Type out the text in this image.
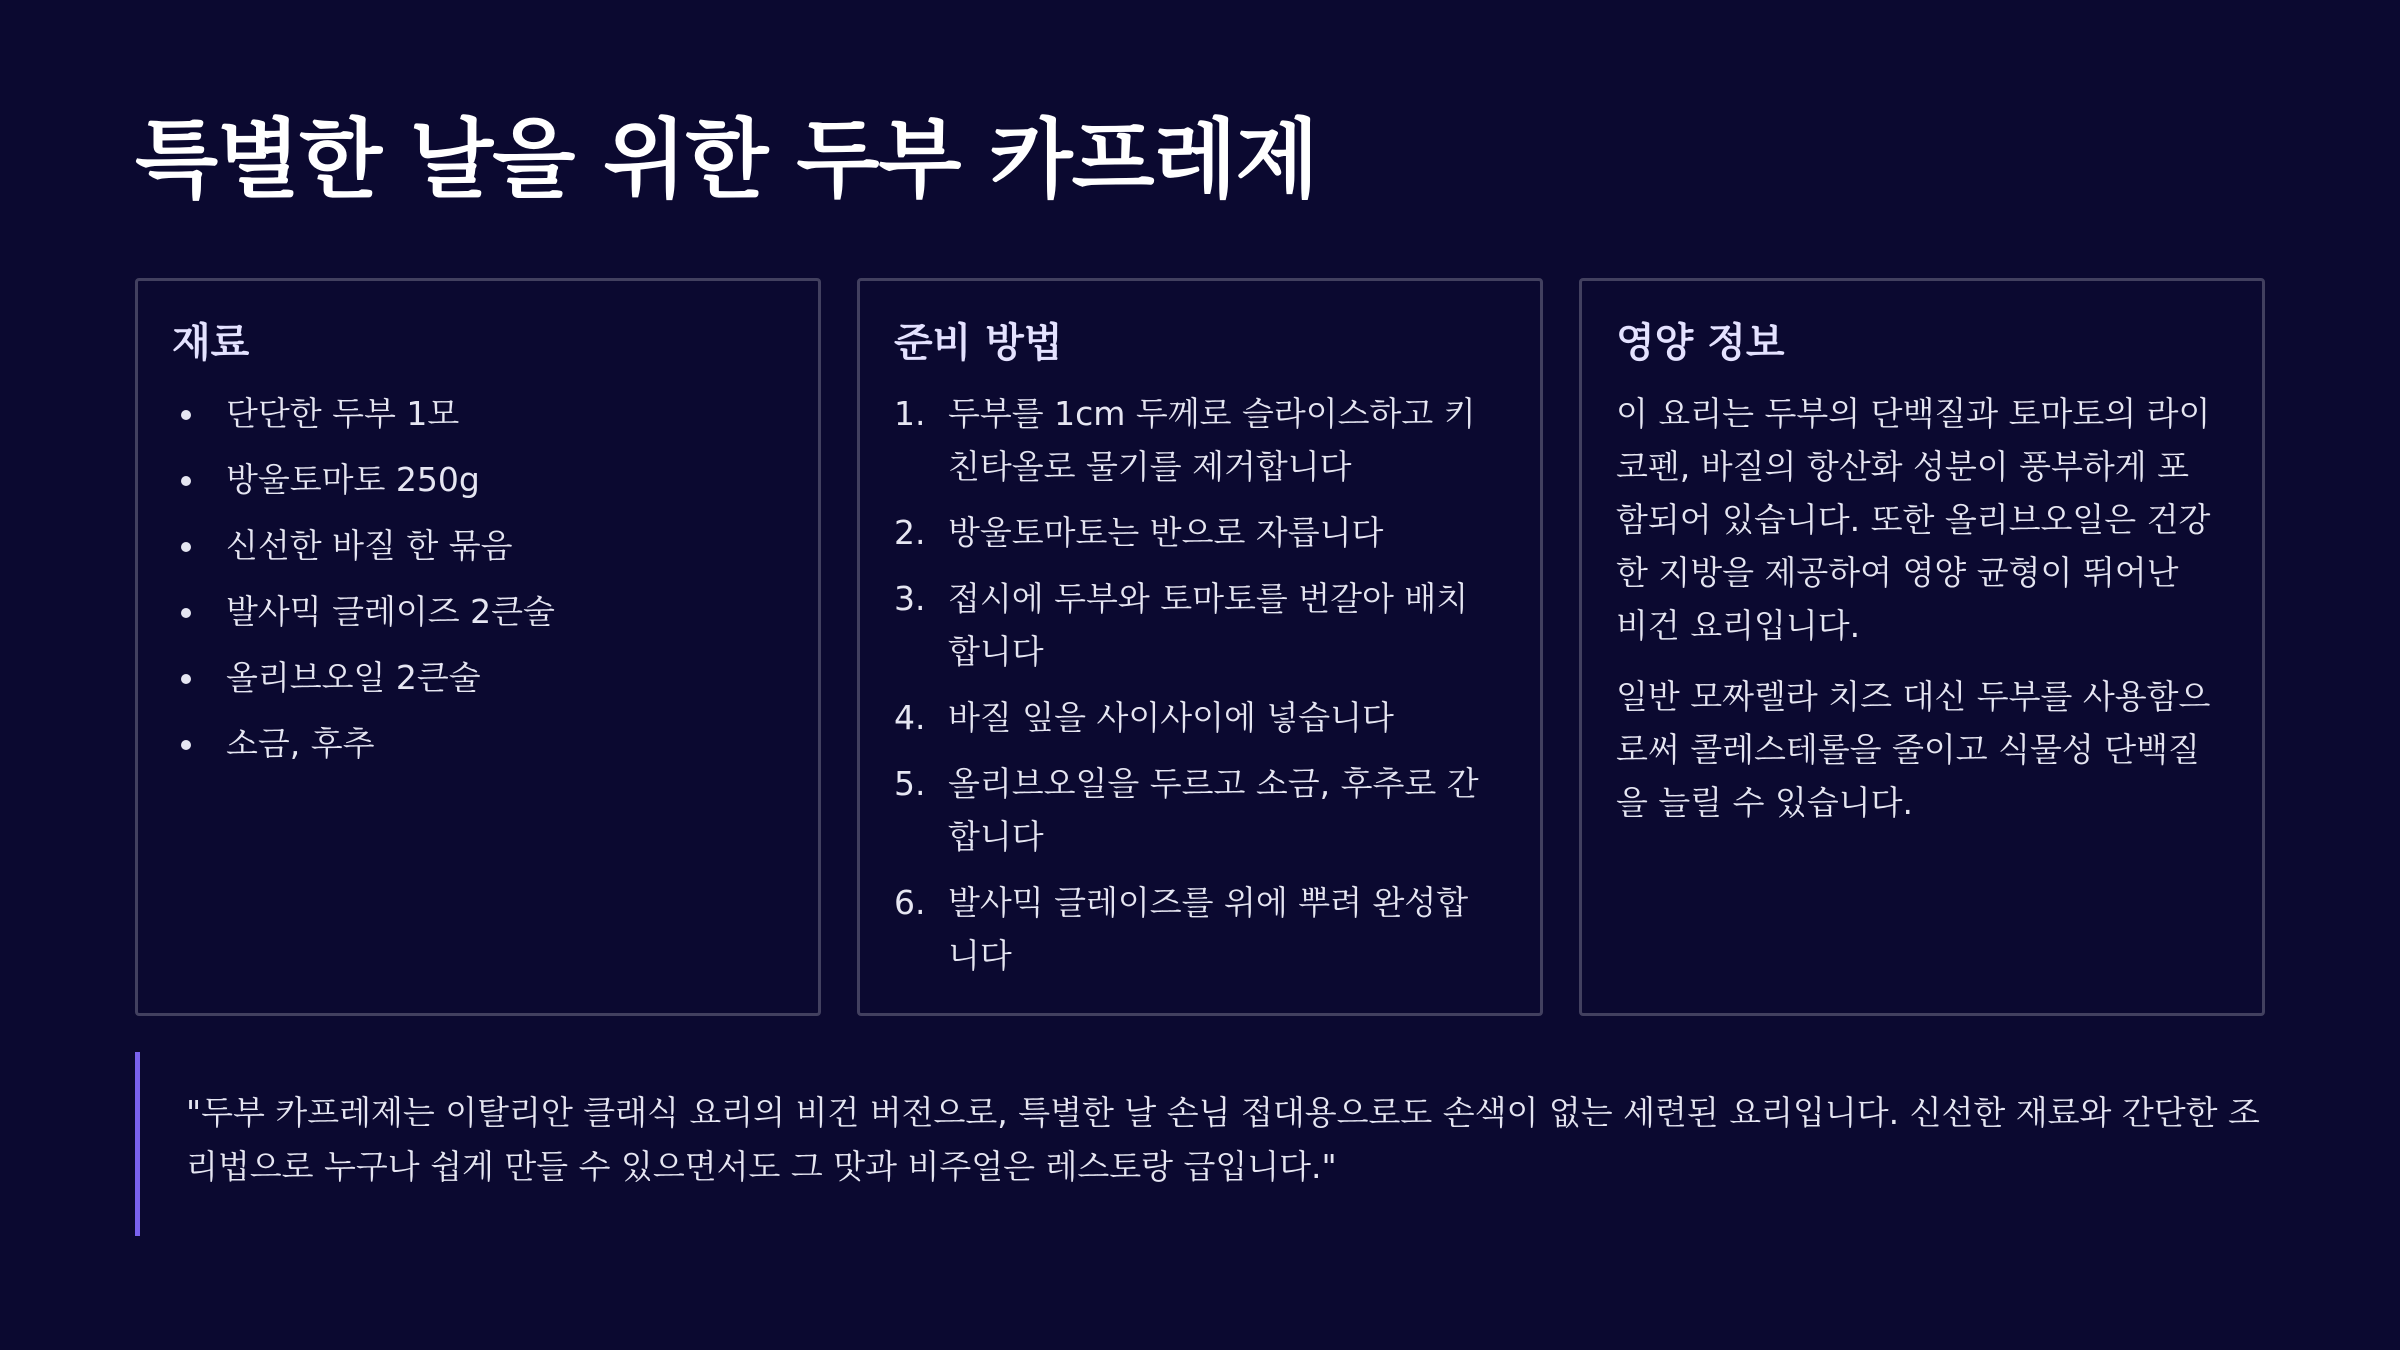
특별한 날을 위한 두부 카프레제
재료
단단한 두부 1모
방울토마토 250g
신선한 바질 한 묶음
발사믹 글레이즈 2큰술
올리브오일 2큰술
소금, 후추
준비 방법
1. 두부를 1cm 두께로 슬라이스하고 키친타올로 물기를 제거합니다
2. 방울토마토는 반으로 자릅니다
3. 접시에 두부와 토마토를 번갈아 배치합니다
4. 바질 잎을 사이사이에 넣습니다
5. 올리브오일을 두르고 소금, 후추로 간합니다
6. 발사믹 글레이즈를 위에 뿌려 완성합니다
영양 정보

이 요리는 두부의 단백질과 토마토의 라이코펜, 바질의 항산화 성분이 풍부하게 포함되어 있습니다. 또한 올리브오일은 건강한 지방을 제공하여 영양 균형이 뛰어난 비건 요리입니다.

일반 모짜렐라 치즈 대신 두부를 사용함으로써 콜레스테롤을 줄이고 식물성 단백질을 늘릴 수 있습니다.

"두부 카프레제는 이탈리안 클래식 요리의 비건 버전으로, 특별한 날 손님 접대용으로도 손색이 없는 세련된 요리입니다. 신선한 재료와 간단한 조리법으로 누구나 쉽게 만들 수 있으면서도 그 맛과 비주얼은 레스토랑 급입니다."
